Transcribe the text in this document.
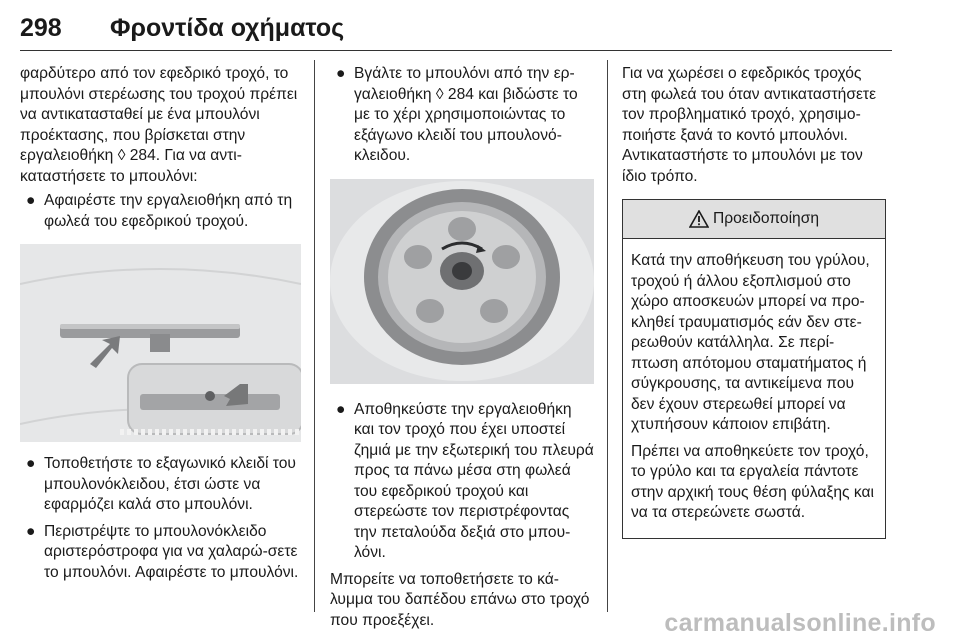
298	Φροντίδα οχήματος

φαρδύτερο από τον εφεδρικό τροχό, το μπουλόνι στερέωσης του τροχού πρέπει να αντικατασταθεί με ένα μπουλόνι προέκτασης, που βρίσκεται στην εργαλειοθήκη ◊ 284. Για να αντι-καταστήσετε το μπουλόνι:

● Αφαιρέστε την εργαλειοθήκη από τη φωλεά του εφεδρικού τροχού.
● Τοποθετήστε το εξαγωνικό κλειδί του μπουλονόκλειδου, έτσι ώστε να εφαρμόζει καλά στο μπουλόνι.
● Περιστρέψτε το μπουλονόκλειδο αριστερόστροφα για να χαλαρώ-σετε το μπουλόνι. Αφαιρέστε το μπουλόνι.
● Βγάλτε το μπουλόνι από την ερ-γαλειοθήκη ◊ 284 και βιδώστε το με το χέρι χρησιμοποιώντας το εξάγωνο κλειδί του μπουλονό-κλειδου.
● Αποθηκεύστε την εργαλειοθήκη και τον τροχό που έχει υποστεί ζημιά με την εξωτερική του πλευρά προς τα πάνω μέσα στη φωλεά του εφεδρικού τροχού και στερεώστε τον περιστρέφοντας την πεταλούδα δεξιά στο μπου-λόνι.

Μπορείτε να τοποθετήσετε το κά-λυμμα του δαπέδου επάνω στο τροχό που προεξέχει.

Για να χωρέσει ο εφεδρικός τροχός στη φωλεά του όταν αντικαταστήσετε τον προβληματικό τροχό, χρησιμο-ποιήστε ξανά το κοντό μπουλόνι. Αντικαταστήστε το μπουλόνι με τον ίδιο τρόπο.

Προειδοποίηση

Κατά την αποθήκευση του γρύλου, τροχού ή άλλου εξοπλισμού στο χώρο αποσκευών μπορεί να προ-κληθεί τραυματισμός εάν δεν στε-ρεωθούν κατάλληλα. Σε περί-πτωση απότομου σταματήματος ή σύγκρουσης, τα αντικείμενα που δεν έχουν στερεωθεί μπορεί να χτυπήσουν κάποιον επιβάτη.

Πρέπει να αποθηκεύετε τον τροχό, το γρύλο και τα εργαλεία πάντοτε στην αρχική τους θέση φύλαξης και να τα στερεώνετε σωστά.

carmanualsonline.info
